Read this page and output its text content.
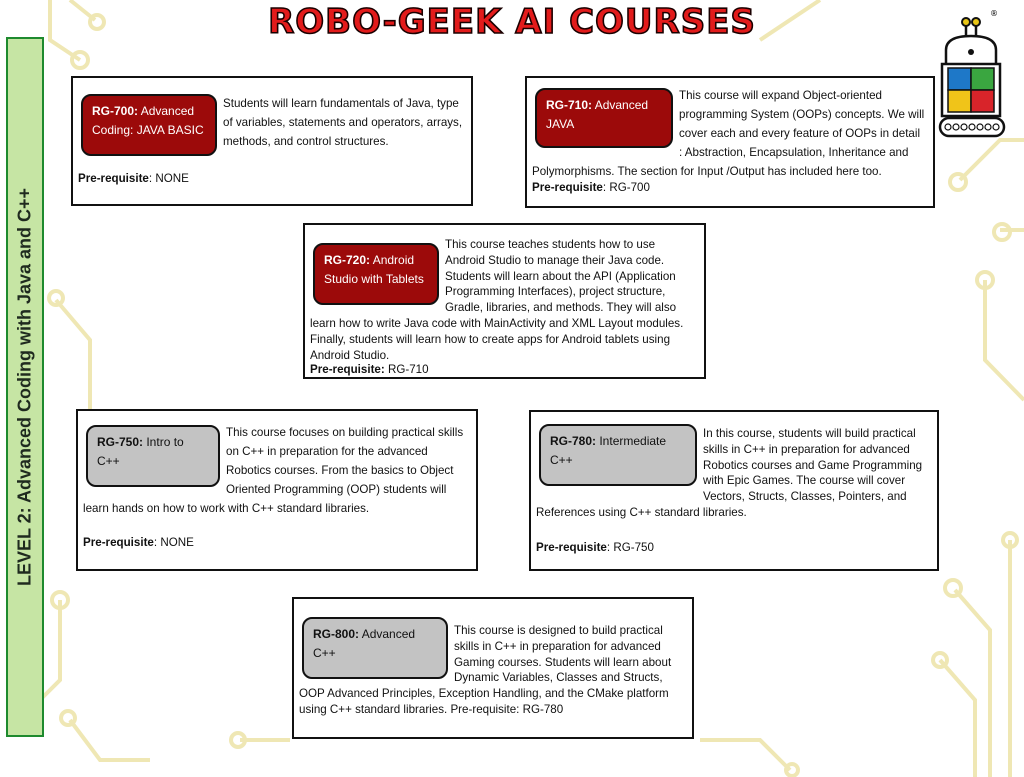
ROBO-GEEK AI COURSES
LEVEL 2: Advanced Coding with Java and C++
®
RG-700: Advanced Coding: JAVA BASIC
Students will learn fundamentals of Java, type of variables, statements and operators, arrays, methods, and control structures.
Pre-requisite: NONE
RG-710: Advanced JAVA
This course will expand Object-oriented programming System (OOPs) concepts. We will cover each and every feature of OOPs in detail : Abstraction, Encapsulation, Inheritance and Polymorphisms. The section for Input /Output has included here too.
Pre-requisite: RG-700
RG-720: Android Studio with Tablets
This course teaches students how to use Android Studio to manage their Java code. Students will learn about the API (Application Programming Interfaces), project structure, Gradle, libraries, and methods. They will also learn how to write Java code with MainActivity and XML Layout modules. Finally, students will learn how to create apps for Android tablets using Android Studio.
Pre-requisite: RG-710
RG-750: Intro to C++
This course focuses on building practical skills on C++ in preparation for the advanced Robotics courses. From the basics to Object Oriented Programming (OOP) students will learn hands on how to work with C++ standard libraries.
Pre-requisite: NONE
RG-780: Intermediate C++
In this course, students will build practical skills in C++ in preparation for advanced Robotics courses and Game Programming with Epic Games. The course will cover Vectors, Structs, Classes, Pointers, and References using C++ standard libraries.
Pre-requisite: RG-750
RG-800: Advanced C++
This course is designed to build practical skills in C++ in preparation for advanced Gaming courses. Students will learn about Dynamic Variables, Classes and Structs, OOP Advanced Principles, Exception Handling, and the CMake platform using C++ standard libraries. Pre-requisite: RG-780
